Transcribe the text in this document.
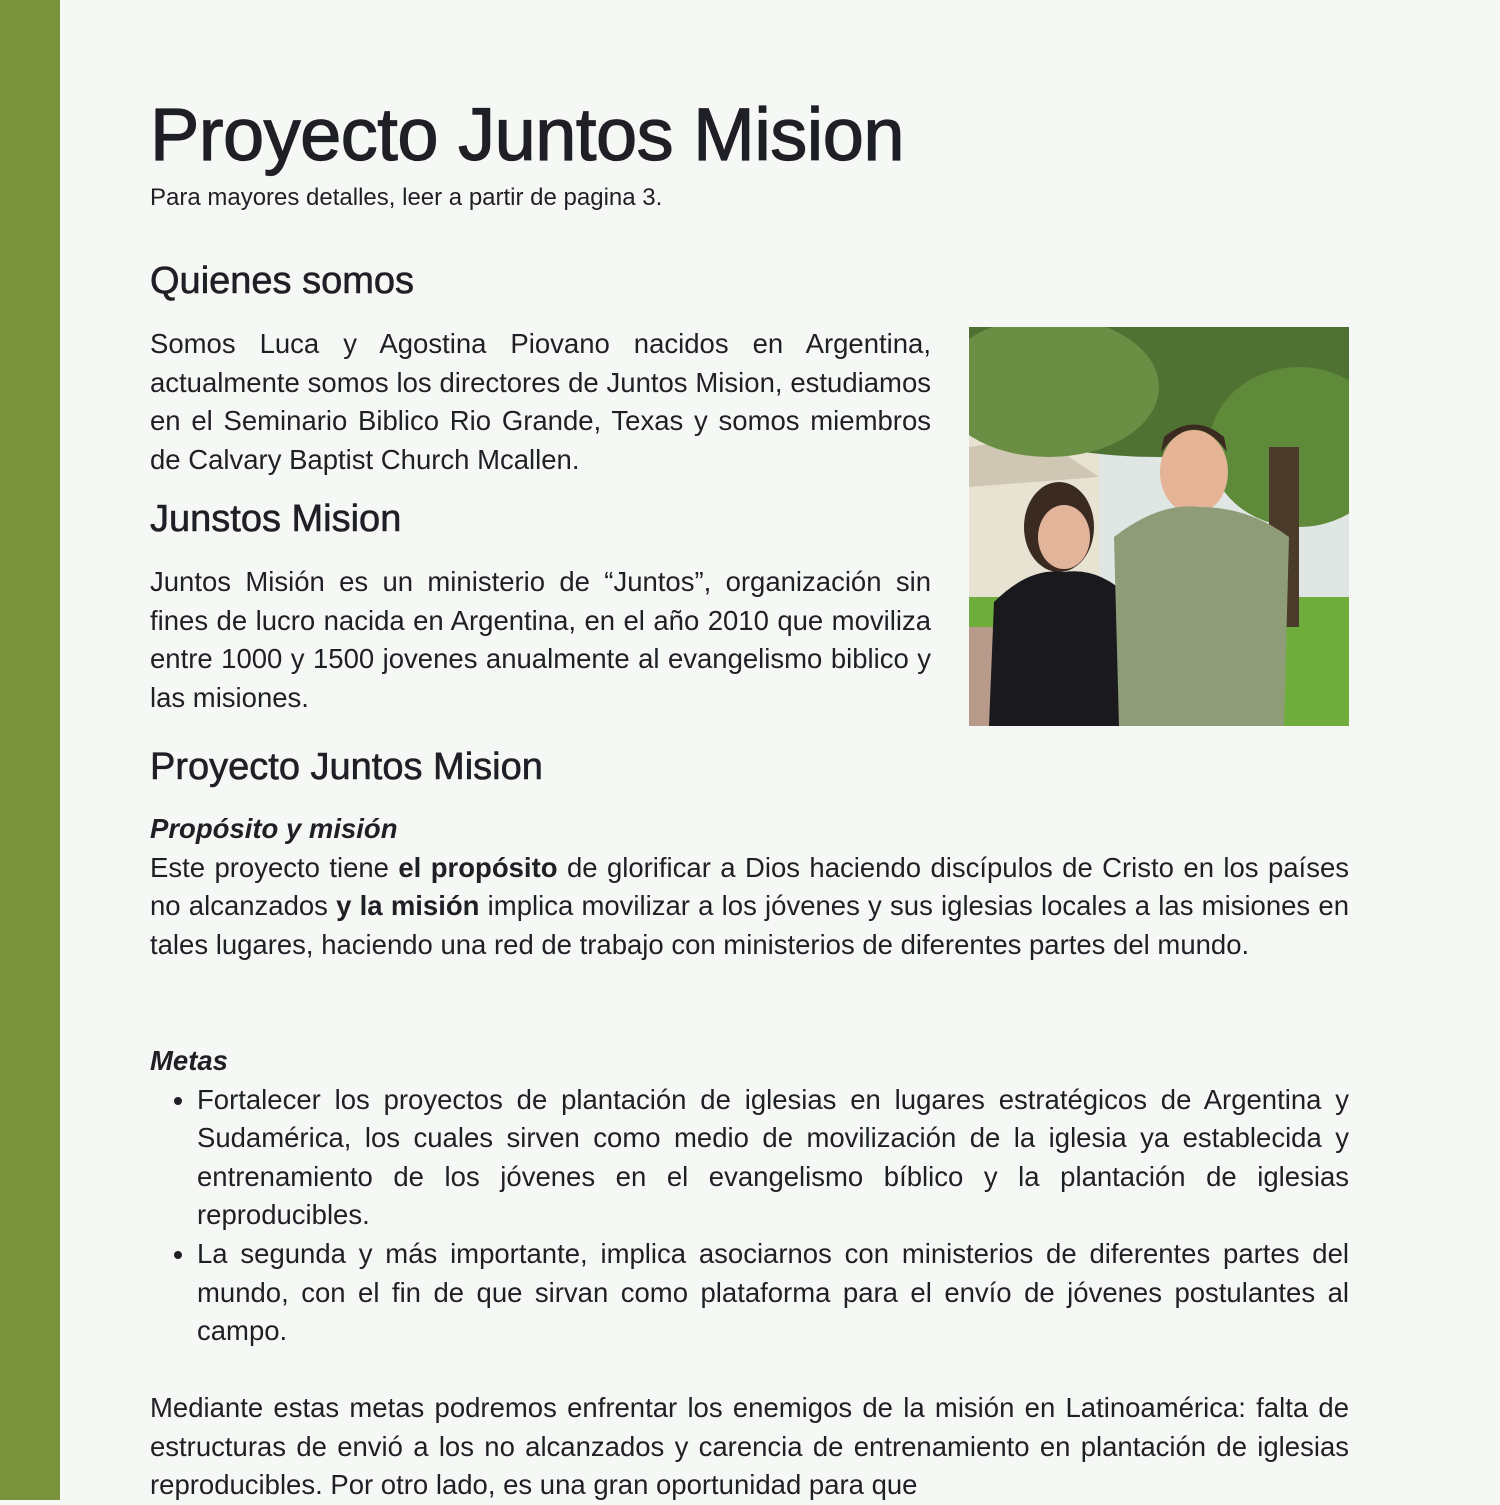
Proyecto Juntos Mision
Para mayores detalles, leer a partir de pagina 3.
Quienes somos

Somos Luca y Agostina Piovano nacidos en Argentina, actualmente somos los directores de Juntos Mision, estudiamos en el Seminario Biblico Rio Grande, Texas y somos miembros de Calvary Baptist Church Mcallen.

Junstos Mision

Juntos Misión es un ministerio de “Juntos”, organización sin fines de lucro nacida en Argentina, en el año 2010 que moviliza entre 1000 y 1500 jovenes anualmente al evangelismo biblico y las misiones.

Proyecto Juntos Mision
Propósito y misión

Este proyecto tiene el propósito de glorificar a Dios haciendo discípulos de Cristo en los países no alcanzados y la misión implica movilizar a los jóvenes y sus iglesias locales a las misiones en tales lugares, haciendo una red de trabajo con ministerios de diferentes partes del mundo.

Metas
• Fortalecer los proyectos de plantación de iglesias en lugares estratégicos de Argentina y Sudamérica, los cuales sirven como medio de movilización de la iglesia ya establecida y entrenamiento de los jóvenes en el evangelismo bíblico y la plantación de iglesias reproducibles.
• La segunda y más importante, implica asociarnos con ministerios de diferentes partes del mundo, con el fin de que sirvan como plataforma para el envío de jóvenes postulantes al campo.

Mediante estas metas podremos enfrentar los enemigos de la misión en Latinoamérica: falta de estructuras de envió a los no alcanzados y carencia de entrenamiento en plantación de iglesias reproducibles. Por otro lado, es una gran oportunidad para que
